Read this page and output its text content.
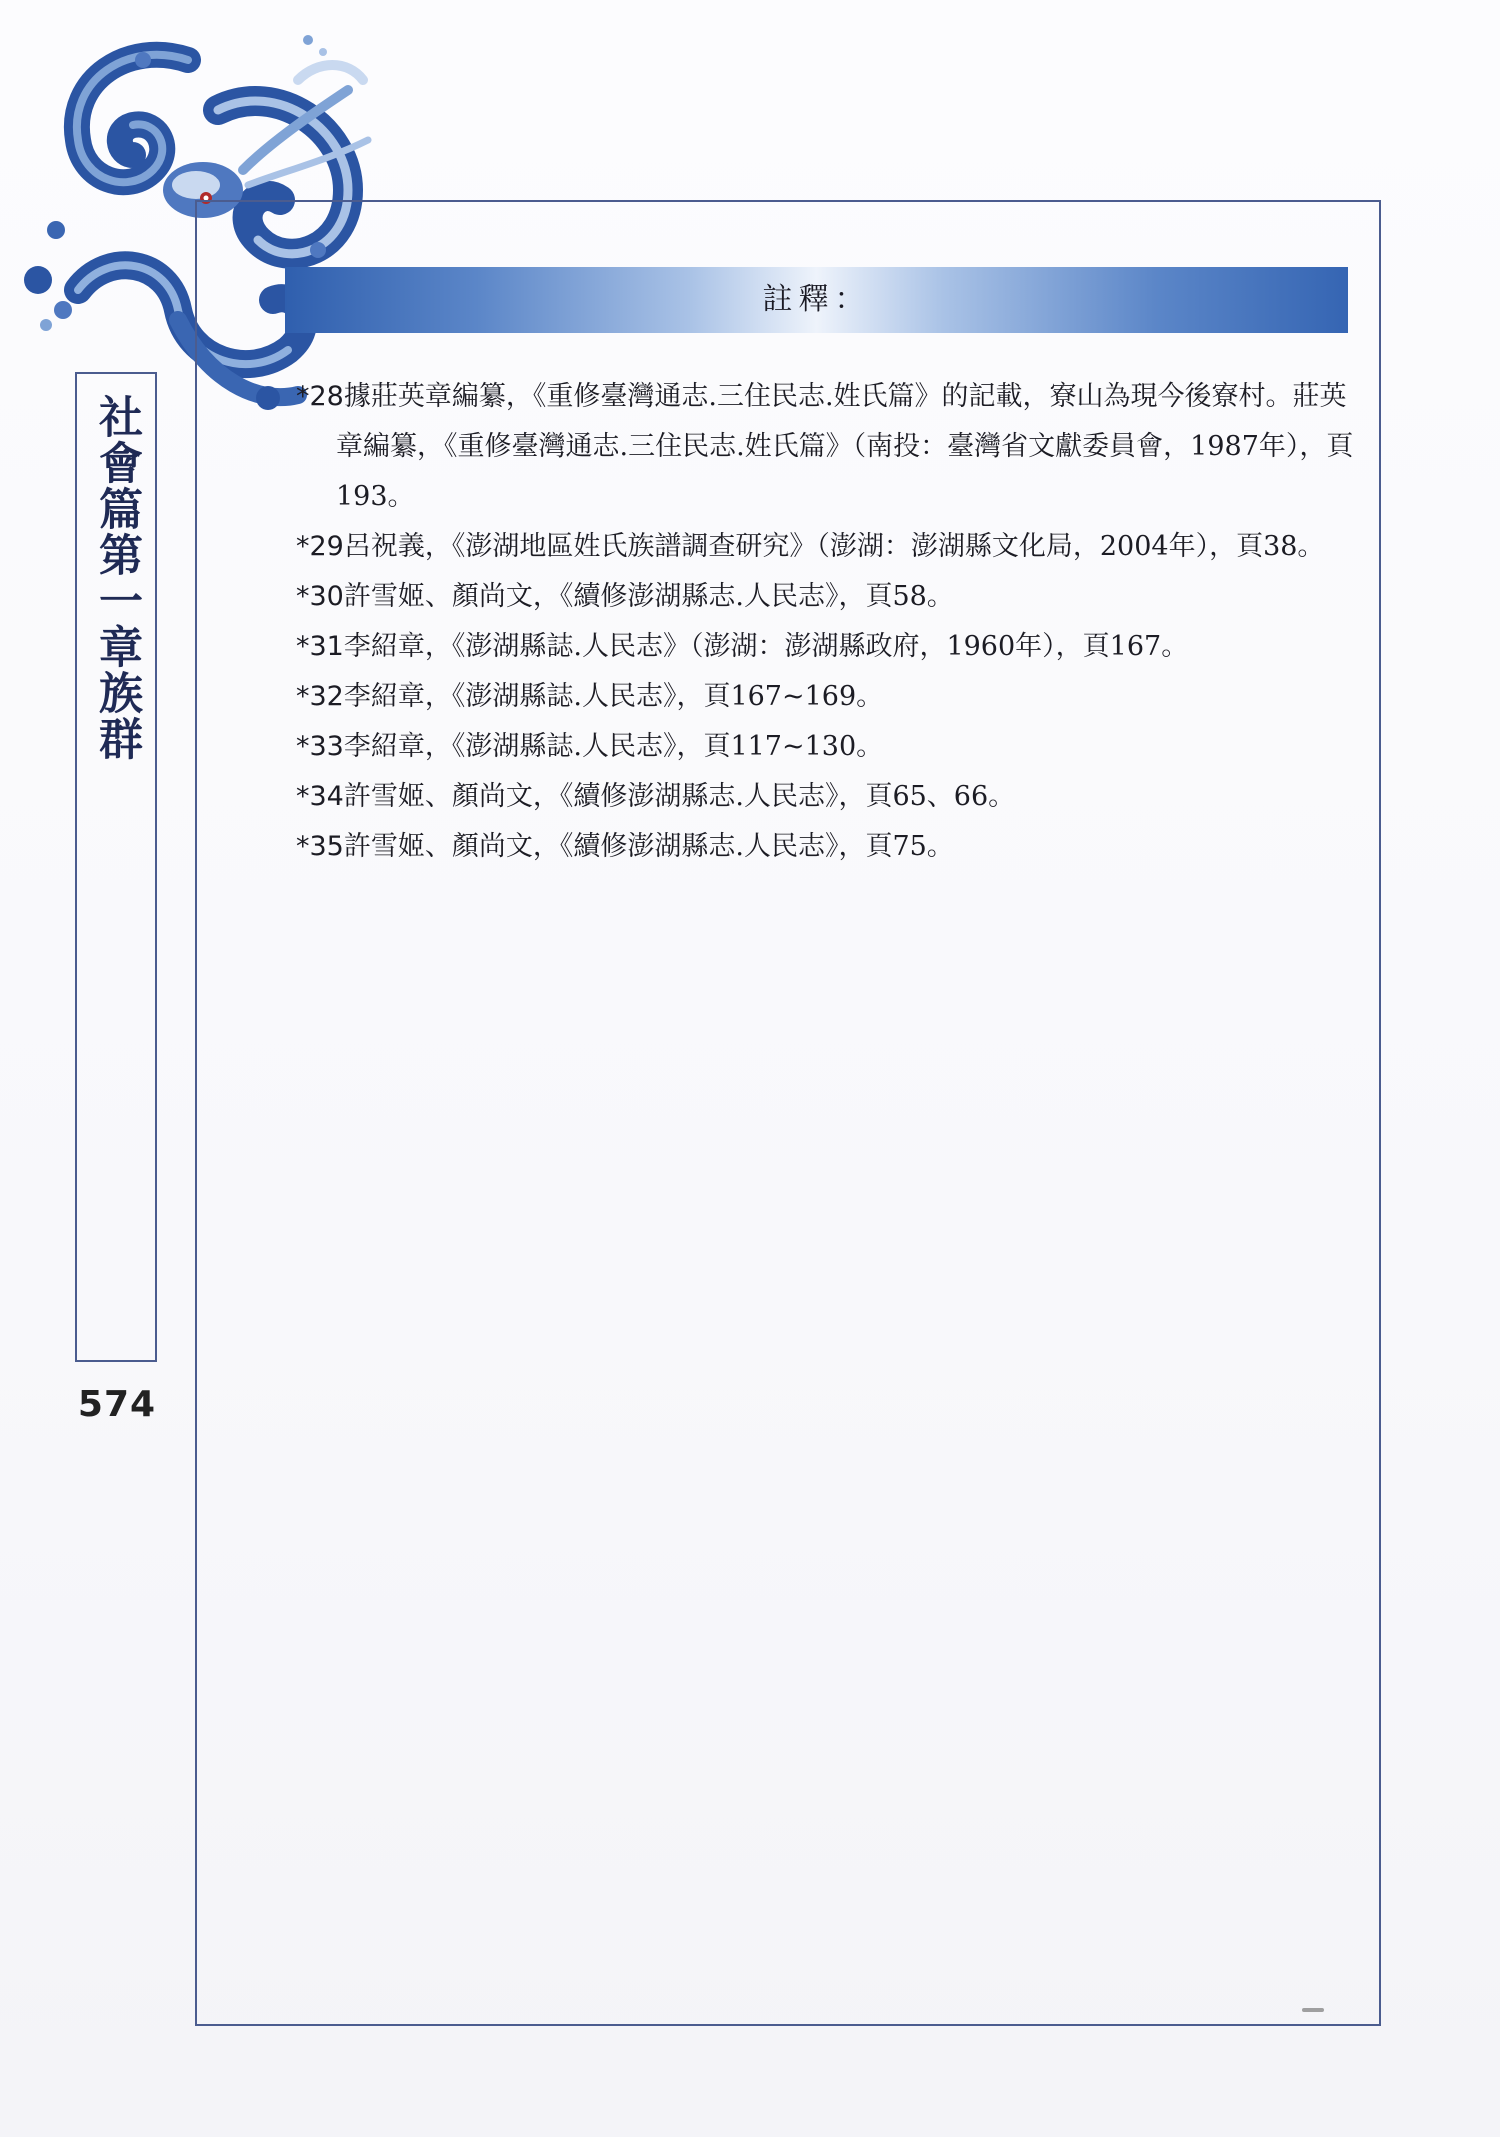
社會篇第一章族群
574
註釋：

*28據莊英章編纂，《重修臺灣通志.三住民志.姓氏篇》的記載，寮山為現今後寮村。莊英章編纂，《重修臺灣通志.三住民志.姓氏篇》（南投：臺灣省文獻委員會，1987年），頁193。

*29呂祝義，《澎湖地區姓氏族譜調查研究》（澎湖：澎湖縣文化局，2004年），頁38。

*30許雪姬、顏尚文，《續修澎湖縣志.人民志》，頁58。

*31李紹章，《澎湖縣誌.人民志》（澎湖：澎湖縣政府，1960年），頁167。

*32李紹章，《澎湖縣誌.人民志》，頁167~169。

*33李紹章，《澎湖縣誌.人民志》，頁117~130。

*34許雪姬、顏尚文，《續修澎湖縣志.人民志》，頁65、66。

*35許雪姬、顏尚文，《續修澎湖縣志.人民志》，頁75。
